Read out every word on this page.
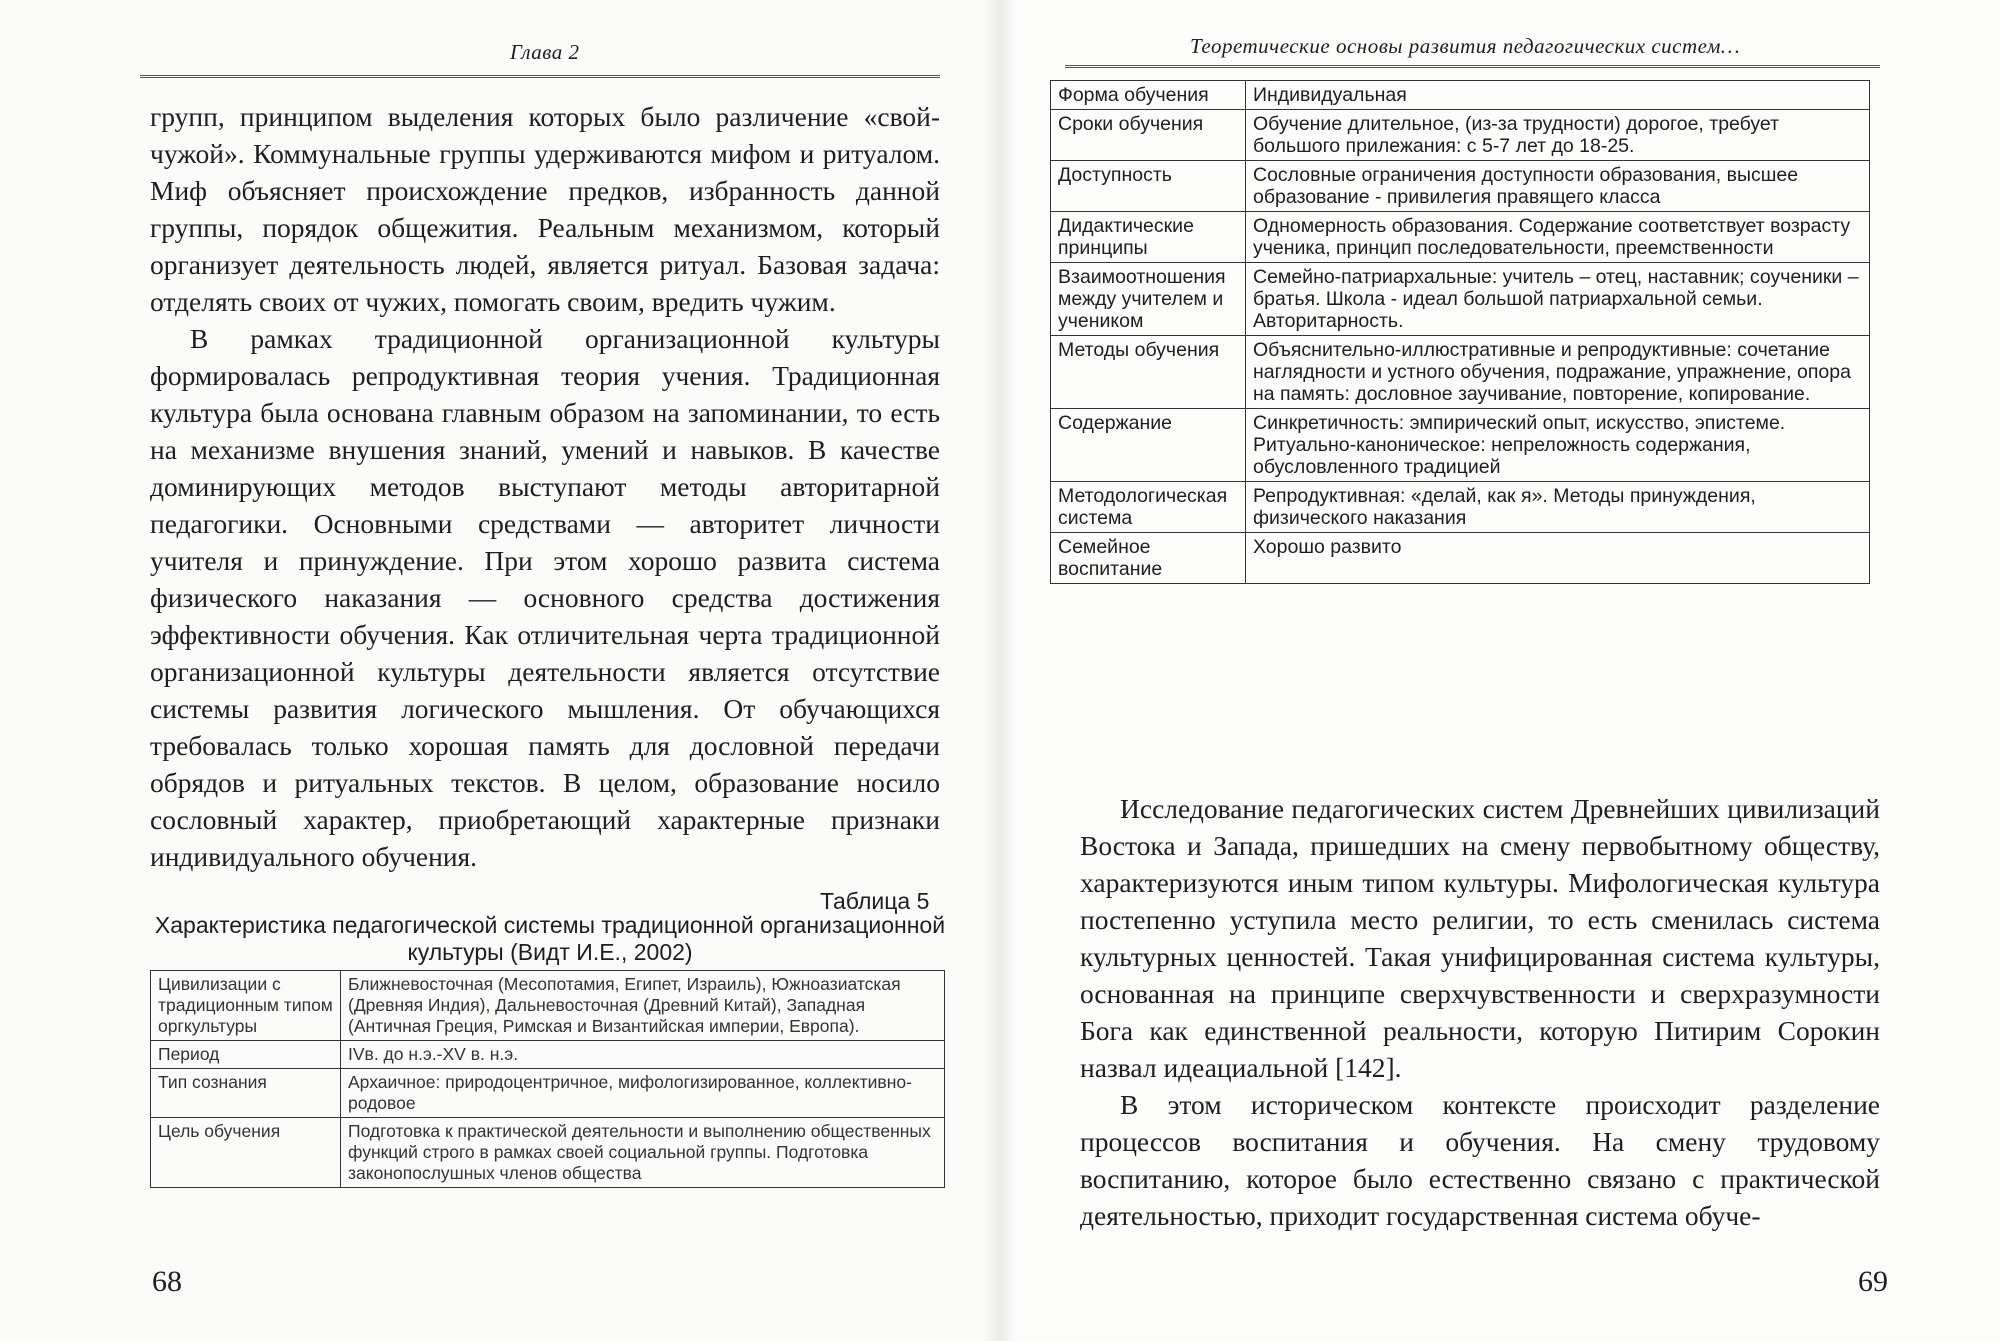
Глава 2

групп, принципом выделения которых было различение «свой-чужой». Коммунальные группы удерживаются мифом и ритуалом. Миф объясняет происхождение предков, избранность данной группы, порядок общежития. Реальным механизмом, который организует деятельность людей, является ритуал. Базовая задача: отделять своих от чужих, помогать своим, вредить чужим.

В рамках традиционной организационной культуры формировалась репродуктивная теория учения. Традиционная культура была основана главным образом на запоминании, то есть на механизме внушения знаний, умений и навыков. В качестве доминирующих методов выступают методы авторитарной педагогики. Основными средствами — авторитет личности учителя и принуждение. При этом хорошо развита система физического наказания — основного средства достижения эффективности обучения. Как отличительная черта традиционной организационной культуры деятельности является отсутствие системы развития логического мышления. От обучающихся требовалась только хорошая память для дословной передачи обрядов и ритуальных текстов. В целом, образование носило сословный характер, приобретающий характерные признаки индивидуального обучения.

Таблица 5
Характеристика педагогической системы традиционной организационной культуры (Видт И.Е., 2002)
Цивилизации с традиционным типом оргкультуры	Ближневосточная (Месопотамия, Египет, Израиль), Южноазиатская (Древняя Индия), Дальневосточная (Древний Китай), Западная (Античная Греция, Римская и Византийская империи, Европа).
Период	IVв. до н.э.-XV в. н.э.
Тип сознания	Архаичное: природоцентричное, мифологизированное, коллективно-родовое
Цель обучения	Подготовка к практической деятельности и выполнению общественных функций строго в рамках своей социальной группы. Подготовка законопослушных членов общества
68
Теоретические основы развития педагогических систем…
Форма обучения	Индивидуальная
Сроки обучения	Обучение длительное, (из-за трудности) дорогое, требует большого прилежания: с 5-7 лет до 18-25.
Доступность	Сословные ограничения доступности образования, высшее образование - привилегия правящего класса
Дидактические принципы	Одномерность образования. Содержание соответствует возрасту ученика, принцип последовательности, преемственности
Взаимоотношения между учителем и учеником	Семейно-патриархальные: учитель – отец, наставник; соученики – братья. Школа - идеал большой патриархальной семьи. Авторитарность.
Методы обучения	Объяснительно-иллюстративные и репродуктивные: сочетание наглядности и устного обучения, подражание, упражнение, опора на память: дословное заучивание, повторение, копирование.
Содержание	Синкретичность: эмпирический опыт, искусство, эпистеме.
Ритуально-каноническое: непреложность содержания, обусловленного традицией

Методологическая система	Репродуктивная: «делай, как я». Методы принуждения, физического наказания
Семейное воспитание	Хорошо развито

Исследование педагогических систем Древнейших цивилизаций Востока и Запада, пришедших на смену первобытному обществу, характеризуются иным типом культуры. Мифологическая культура постепенно уступила место религии, то есть сменилась система культурных ценностей. Такая унифицированная система культуры, основанная на принципе сверхчувственности и сверхразумности Бога как единственной реальности, которую Питирим Сорокин назвал идеациальной [142].

В этом историческом контексте происходит разделение процессов воспитания и обучения. На смену трудовому воспитанию, которое было естественно связано с практической деятельностью, приходит государственная система обуче-

69
